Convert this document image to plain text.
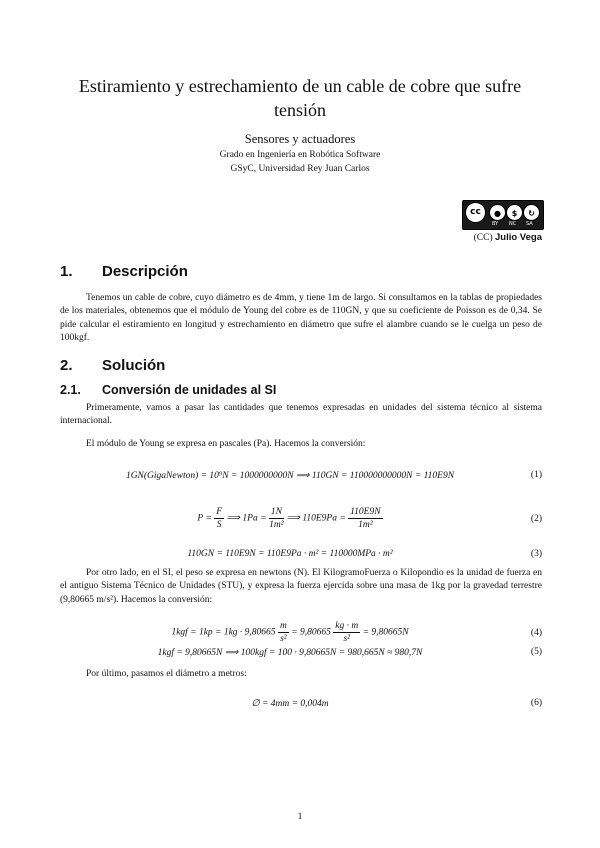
Estiramiento y estrechamiento de un cable de cobre que sufre tensión
Sensores y actuadores
Grado en Ingeniería en Robótica Software
GSyC, Universidad Rey Juan Carlos
cc	●	$	↻
BY NC SA
(CC) Julio Vega
1. Descripción
Tenemos un cable de cobre, cuyo diámetro es de 4mm, y tiene 1m de largo. Si consultamos en la tablas de propiedades de los materiales, obtenemos que el módulo de Young del cobre es de 110GN, y que su coeficiente de Poisson es de 0,34. Se pide calcular el estiramiento en longitud y estrechamiento en diámetro que sufre el alambre cuando se le cuelga un peso de 100kgf.
2. Solución
2.1. Conversión de unidades al SI
Primeramente, vamos a pasar las cantidades que tenemos expresadas en unidades del sistema técnico al sistema internacional.
El módulo de Young se expresa en pascales (Pa). Hacemos la conversión:
1GN(GigaNewton) = 10⁹N = 1000000000N ⟹ 110GN = 110000000000N = 110E9N	(1)
$P = \frac{F}{S}$ ⟹ $1Pa = \frac{1N}{\text{1m²}}$ ⟹ $110E9Pa = \frac{110E9N}{\text{1m²}}$	(2)
110GN = 110E9N = 110E9Pa · m² = 110000MPa · m²	(3)
Por otro lado, en el SI, el peso se expresa en newtons (N). El KilogramoFuerza o Kilopondio es la unidad de fuerza en el antiguo Sistema Técnico de Unidades (STU), y expresa la fuerza ejercida sobre una masa de 1kg por la gravedad terrestre (9,80665 m/s²). Hacemos la conversión:
$1kgf = 1kp = 1kg \cdot 9,80665 \frac{m}{\text{s²}} = 9,80665 \frac{kg \cdot m}{\text{s²}} = 9,80665N$	(4)
1kgf = 9,80665N ⟹ 100kgf = 100 · 9,80665N = 980,665N ≈ 980,7N	(5)
Por último, pasamos el diámetro a metros:
∅ = 4mm = 0,004m	(6)
1
